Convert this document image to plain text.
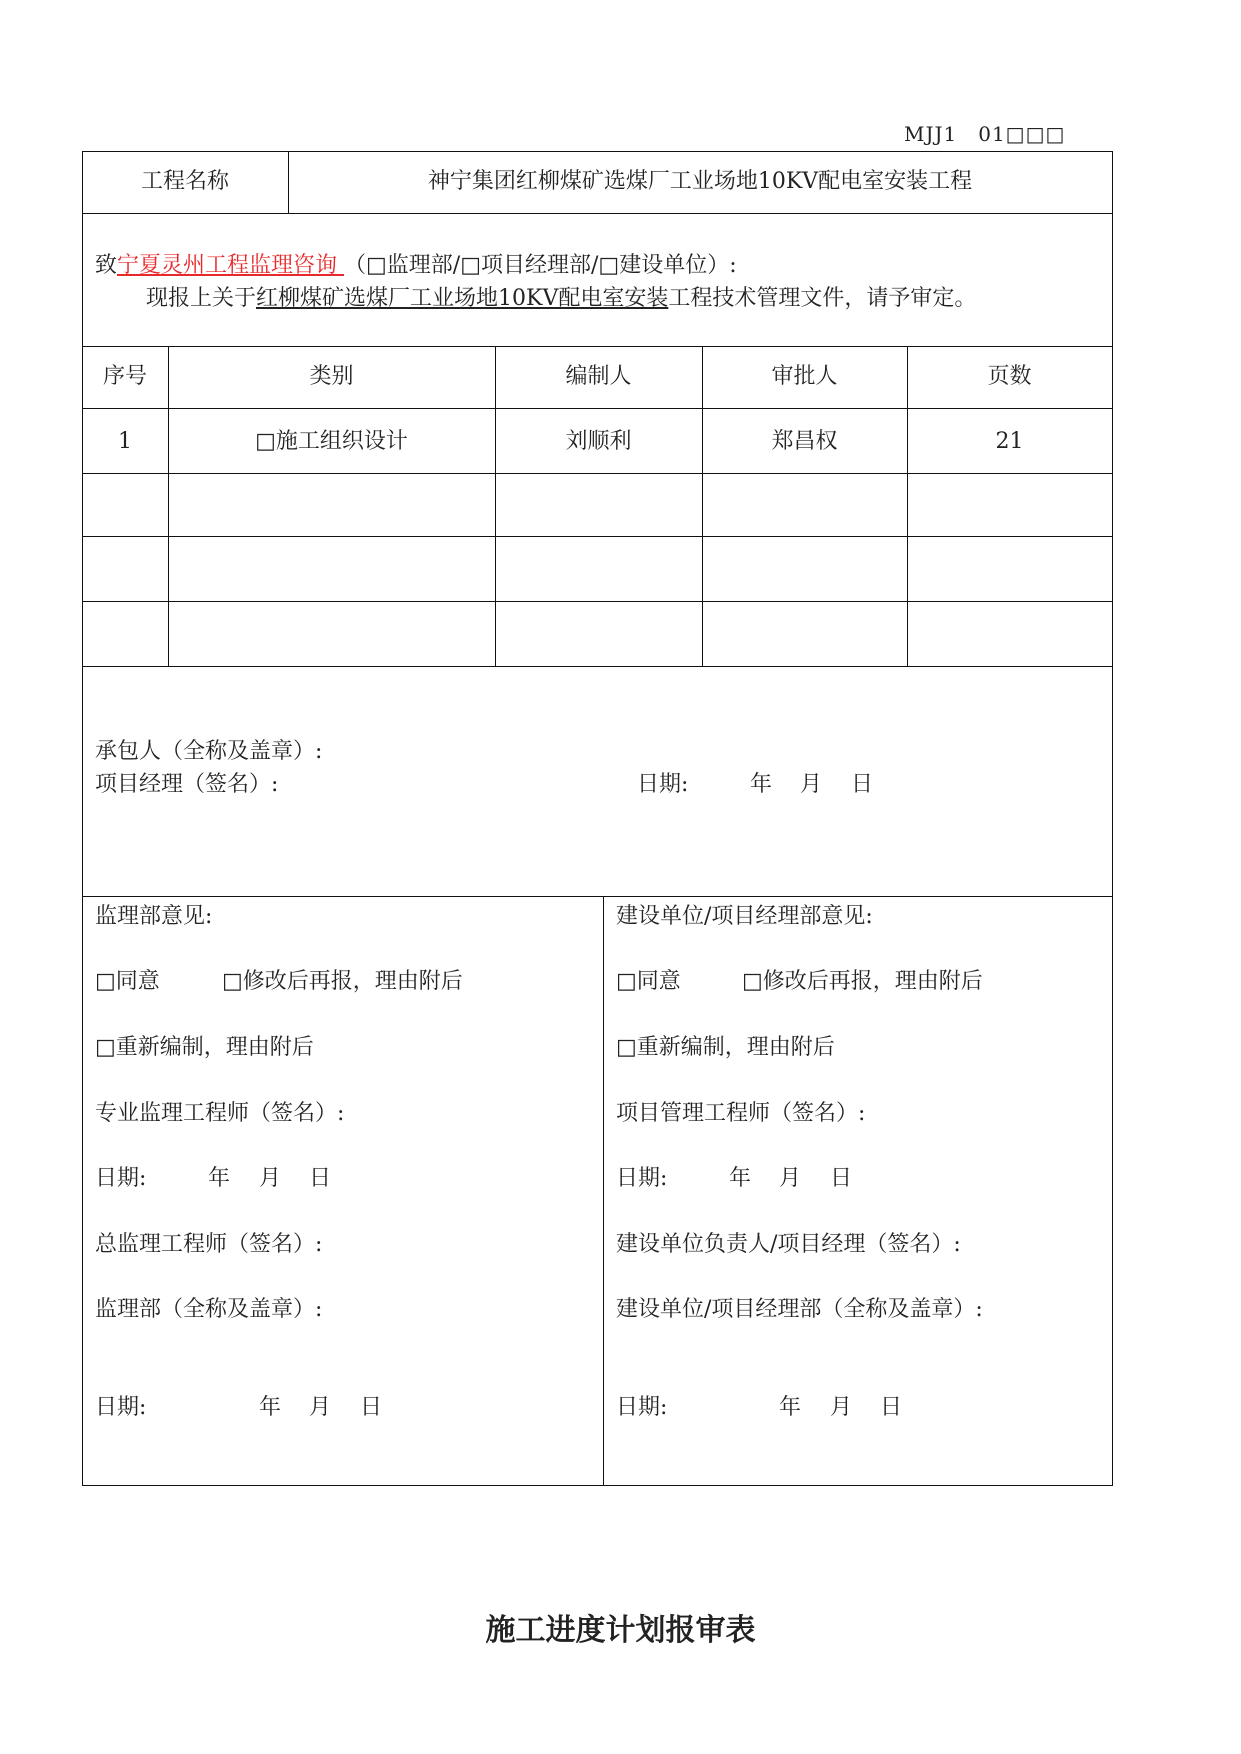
MJJ1　01□□□
工程名称	神宁集团红柳煤矿选煤厂工业场地10KV配电室安装工程
致宁夏灵州工程监理咨询 （□监理部/□项目经理部/□建设单位）:
现报上关于红柳煤矿选煤厂工业场地10KV配电室安装工程技术管理文件，请予审定。
序号	类别	编制人	审批人	页数
1	□施工组织设计	刘顺利	郑昌权	21
承包人（全称及盖章）:
项目经理（签名）:	日期:	年 月 日
监理部意见:
□同意	□修改后再报，理由附后
□重新编制，理由附后
专业监理工程师（签名）:
日期:	年 月 日
总监理工程师（签名）:
监理部（全称及盖章）:
日期:	年 月 日
建设单位/项目经理部意见:
□同意	□修改后再报，理由附后
□重新编制，理由附后
项目管理工程师（签名）:
日期:	年 月 日
建设单位负责人/项目经理（签名）:
建设单位/项目经理部（全称及盖章）:
日期:	年 月 日
施工进度计划报审表
